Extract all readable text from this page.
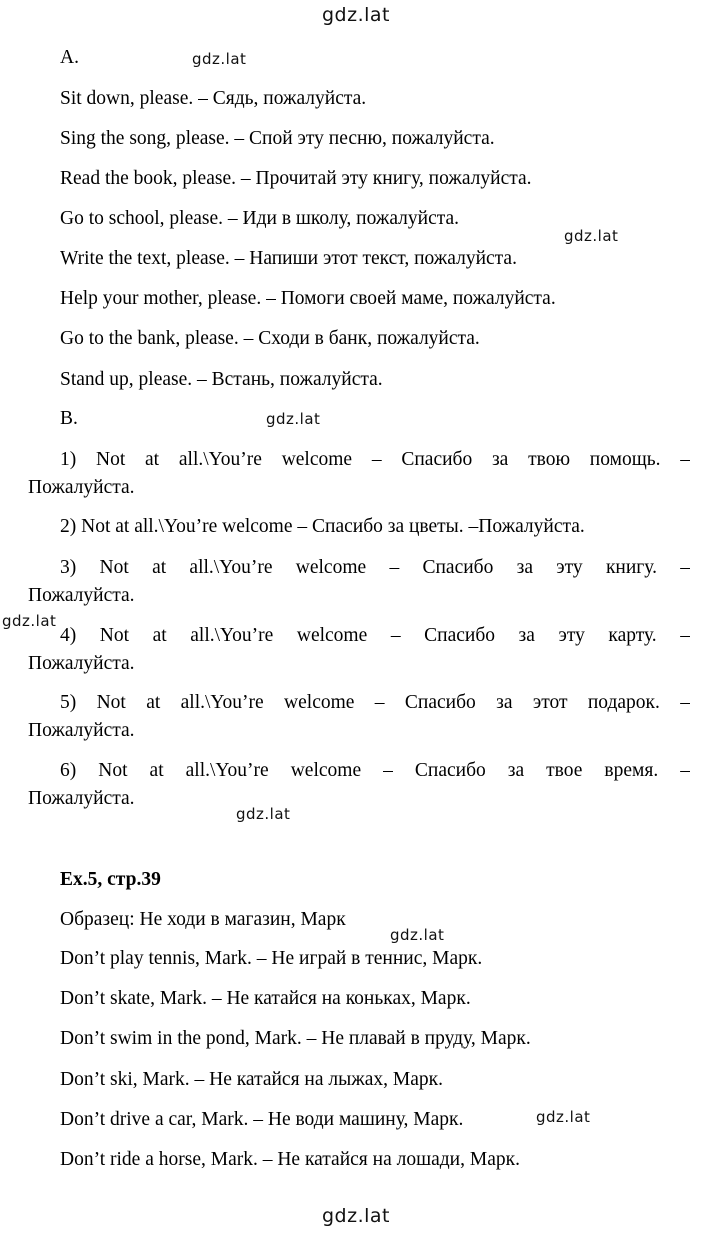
gdz.lat
gdz.lat
gdz.lat
gdz.lat
gdz.lat
gdz.lat
gdz.lat
gdz.lat
gdz.lat
A.
Sit down, please. – Сядь, пожалуйста.
Sing the song, please. – Спой эту песню, пожалуйста.
Read the book, please. – Прочитай эту книгу, пожалуйста.
Go to school, please. – Иди в школу, пожалуйста.
Write the text, please. – Напиши этот текст, пожалуйста.
Help your mother, please. – Помоги своей маме, пожалуйста.
Go to the bank, please. – Сходи в банк, пожалуйста.
Stand up, please. – Встань, пожалуйста.
B.
1) Not at all.\You’re welcome – Спасибо за твою помощь. –
Пожалуйста.
2) Not at all.\You’re welcome – Спасибо за цветы. –Пожалуйста.
3) Not at all.\You’re welcome – Спасибо за эту книгу. –
Пожалуйста.
4) Not at all.\You’re welcome – Спасибо за эту карту. –
Пожалуйста.
5) Not at all.\You’re welcome – Спасибо за этот подарок. –
Пожалуйста.
6) Not at all.\You’re welcome – Спасибо за твое время. –
Пожалуйста.
Ex.5, стр.39
Образец: Не ходи в магазин, Марк
Don’t play tennis, Mark. – Не играй в теннис, Марк.
Don’t skate, Mark. – Не катайся на коньках, Марк.
Don’t swim in the pond, Mark. – Не плавай в пруду, Марк.
Don’t ski, Mark. – Не катайся на лыжах, Марк.
Don’t drive a car, Mark. – Не води машину, Марк.
Don’t ride a horse, Mark. – Не катайся на лошади, Марк.
